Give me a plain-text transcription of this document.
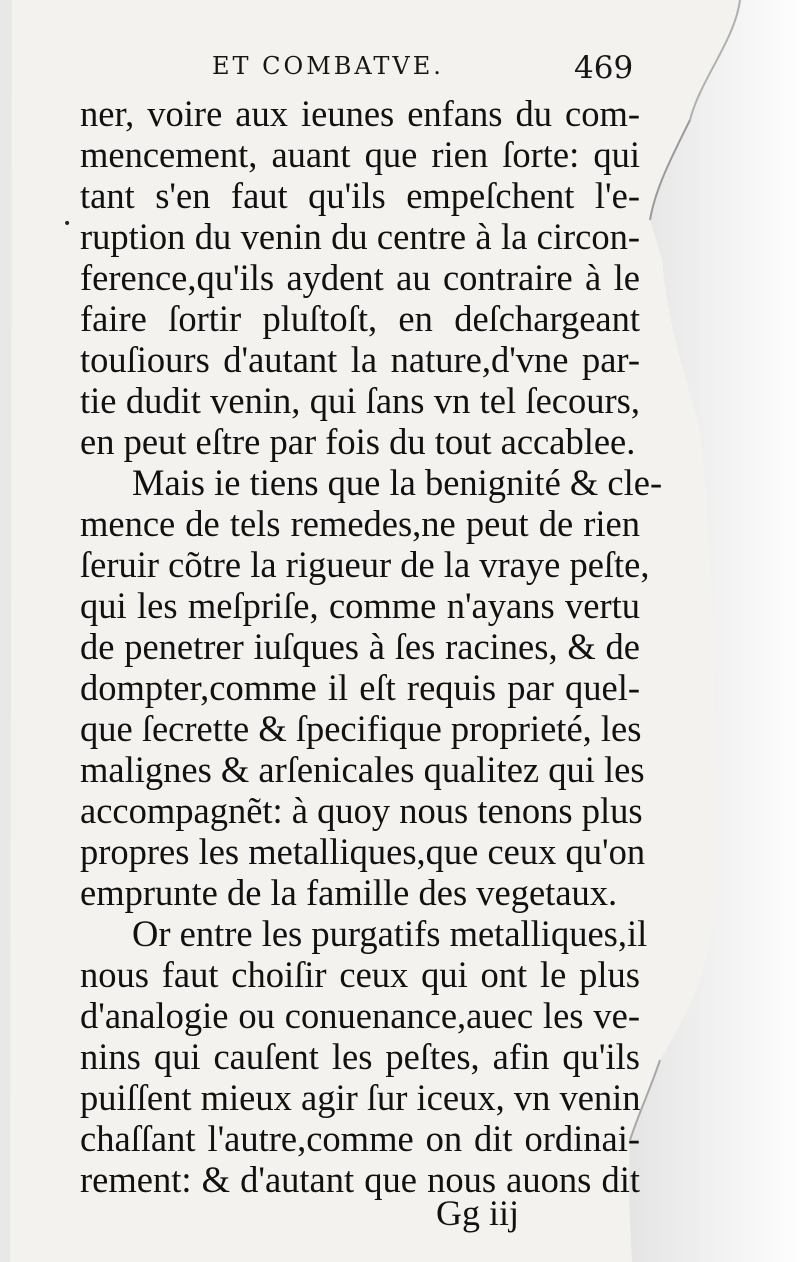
ET COMBATVE.	469
•
ner, voire aux ieunes enfans du com-
mencement, auant que rien ſorte: qui
tant s'en faut qu'ils empeſchent l'e-
ruption du venin du centre à la circon-
ference,qu'ils aydent au contraire à le
faire ſortir pluſtoſt, en deſchargeant
touſiours d'autant la nature,d'vne par-
tie dudit venin, qui ſans vn tel ſecours,
en peut eſtre par fois du tout accablee.
Mais ie tiens que la benignité & cle-
mence de tels remedes,ne peut de rien
ſeruir cõtre la rigueur de la vraye peſte,
qui les meſpriſe, comme n'ayans vertu
de penetrer iuſques à ſes racines, & de
dompter,comme il eſt requis par quel-
que ſecrette & ſpecifique proprieté, les
malignes & arſenicales qualitez qui les
accompagnẽt: à quoy nous tenons plus
propres les metalliques,que ceux qu'on
emprunte de la famille des vegetaux.
Or entre les purgatifs metalliques,il
nous faut choiſir ceux qui ont le plus
d'analogie ou conuenance,auec les ve-
nins qui cauſent les peſtes, afin qu'ils
puiſſent mieux agir ſur iceux, vn venin
chaſſant l'autre,comme on dit ordinai-
rement: & d'autant que nous auons dit
Gg iij
